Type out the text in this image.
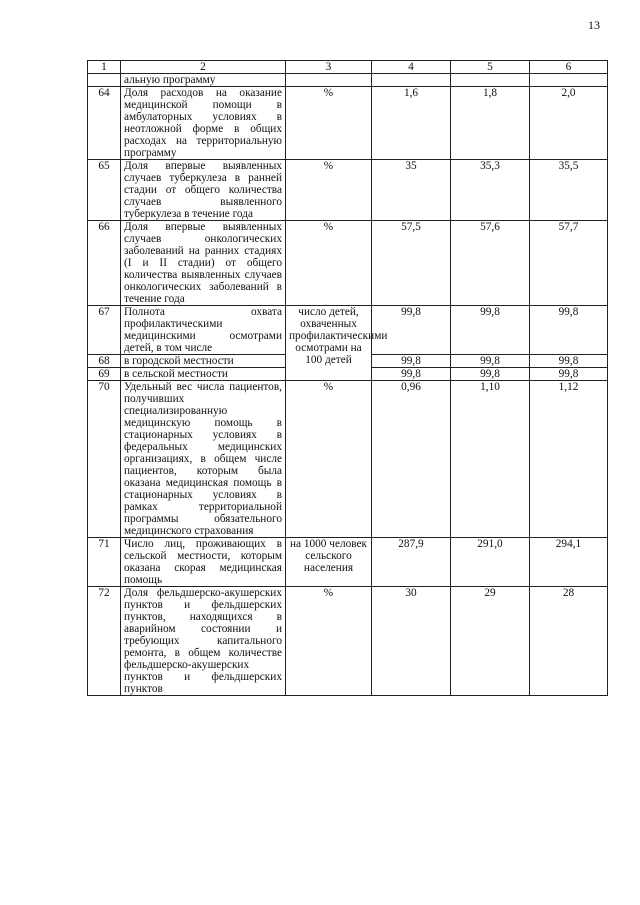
13
1	2	3	4	5	6
	альную программу				
64	Доля расходов на оказание медицинской помощи в амбулаторных условиях в неотложной форме в общих расходах на территориальную программу	%	1,6	1,8	2,0
65	Доля впервые выявленных случаев туберкулеза в ранней стадии от общего количества случаев выявленного туберкулеза в течение года	%	35	35,3	35,5
66	Доля впервые выявленных случаев онкологических заболеваний на ранних стадиях (I и II стадии) от общего количества выявленных случаев онкологических заболеваний в течение года	%	57,5	57,6	57,7
67	Полнота охвата профилактическими медицинскими осмотрами детей, в том числе	число детей, охваченных профилактическими осмотрами на 100 детей	99,8	99,8	99,8
68	в городской местности		99,8	99,8	99,8
69	в сельской местности		99,8	99,8	99,8
70	Удельный вес числа пациентов, получивших специализированную медицинскую помощь в стационарных условиях в федеральных медицинских организациях, в общем числе пациентов, которым была оказана медицинская помощь в стационарных условиях в рамках территориальной программы обязательного медицинского страхования	%	0,96	1,10	1,12
71	Число лиц, проживающих в сельской местности, которым оказана скорая медицинская помощь	на 1000 человек сельского населения	287,9	291,0	294,1
72	Доля фельдшерско-акушерских пунктов и фельдшерских пунктов, находящихся в аварийном состоянии и требующих капитального ремонта, в общем количестве фельдшерско-акушерских пунктов и фельдшерских пунктов	%	30	29	28
